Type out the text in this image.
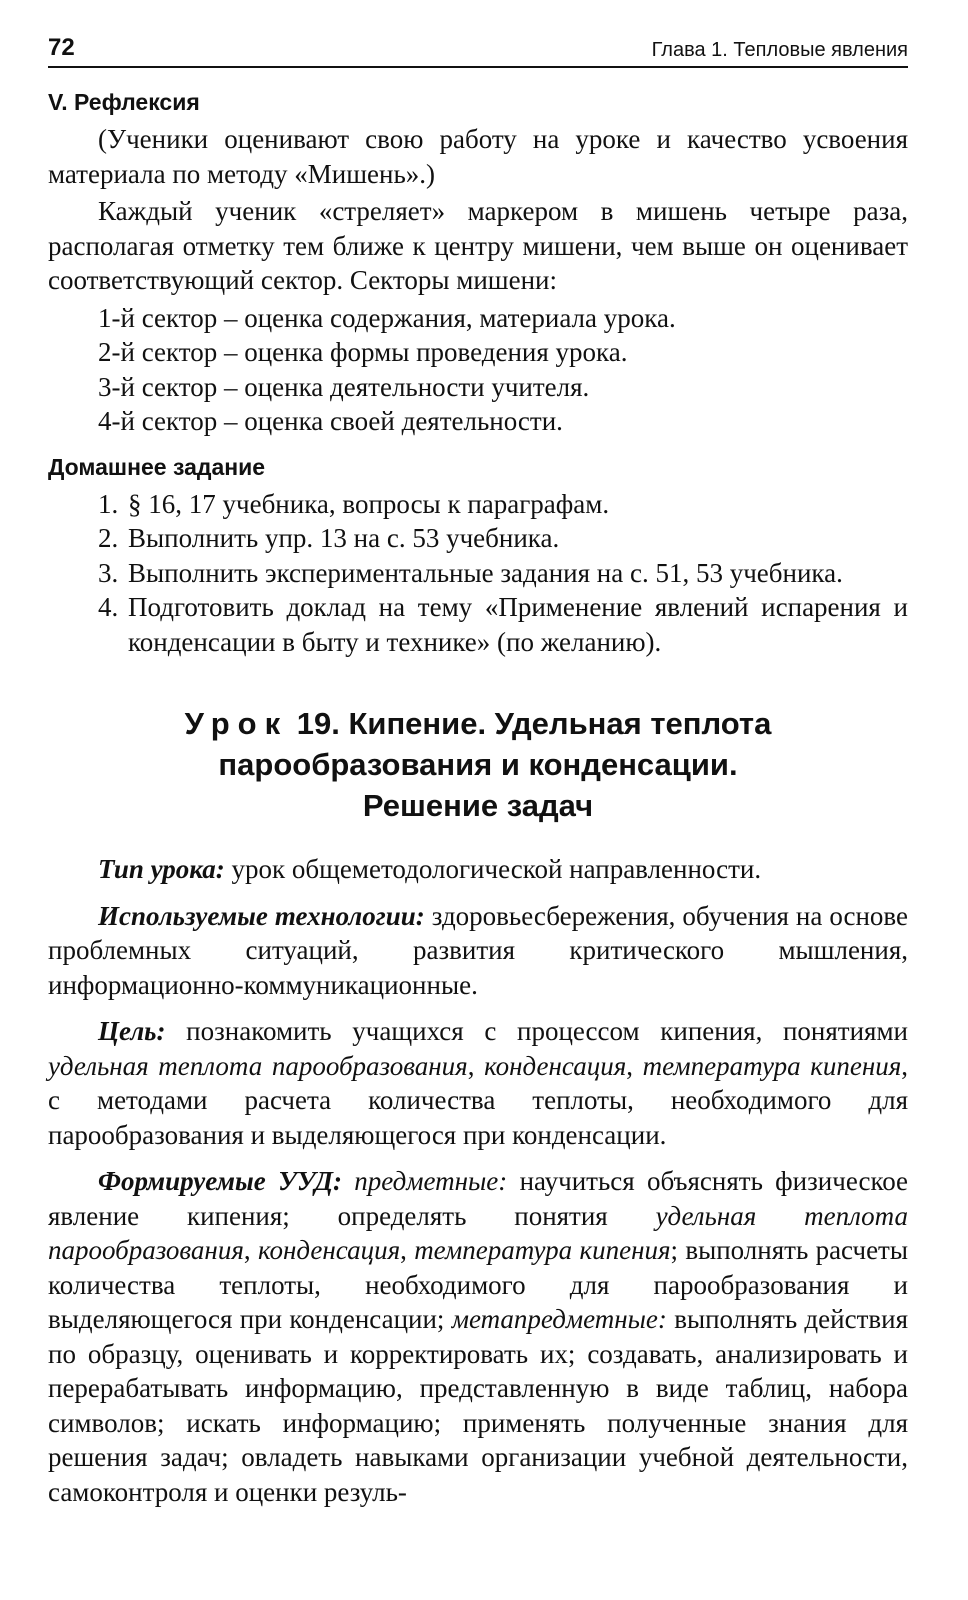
72	Глава 1. Тепловые явления
V. Рефлексия

(Ученики оценивают свою работу на уроке и качество усвоения материала по методу «Мишень».)

Каждый ученик «стреляет» маркером в мишень четыре раза, располагая отметку тем ближе к центру мишени, чем выше он оценивает соответствующий сектор. Секторы мишени:

1-й сектор – оценка содержания, материала урока.

2-й сектор – оценка формы проведения урока.

3-й сектор – оценка деятельности учителя.

4-й сектор – оценка своей деятельности.

Домашнее задание
1. § 16, 17 учебника, вопросы к параграфам.
2. Выполнить упр. 13 на с. 53 учебника.
3. Выполнить экспериментальные задания на с. 51, 53 учебника.
4. Подготовить доклад на тему «Применение явлений испарения и конденсации в быту и технике» (по желанию).
Урок 19. Кипение. Удельная теплота
парообразования и конденсации.
Решение задач

Тип урока: урок общеметодологической направленности.

Используемые технологии: здоровьесбережения, обучения на основе проблемных ситуаций, развития критического мышления, информационно-коммуникационные.

Цель: познакомить учащихся с процессом кипения, понятиями удельная теплота парообразования, конденсация, температура кипения, с методами расчета количества теплоты, необходимого для парообразования и выделяющегося при конденсации.

Формируемые УУД: предметные: научиться объяснять физическое явление кипения; определять понятия удельная теплота парообразования, конденсация, температура кипения; выполнять расчеты количества теплоты, необходимого для парообразования и выделяющегося при конденсации; метапредметные: выполнять действия по образцу, оценивать и корректировать их; создавать, анализировать и перерабатывать информацию, представленную в виде таблиц, набора символов; искать информацию; применять полученные знания для решения задач; овладеть навыками организации учебной деятельности, самоконтроля и оценки резуль-
